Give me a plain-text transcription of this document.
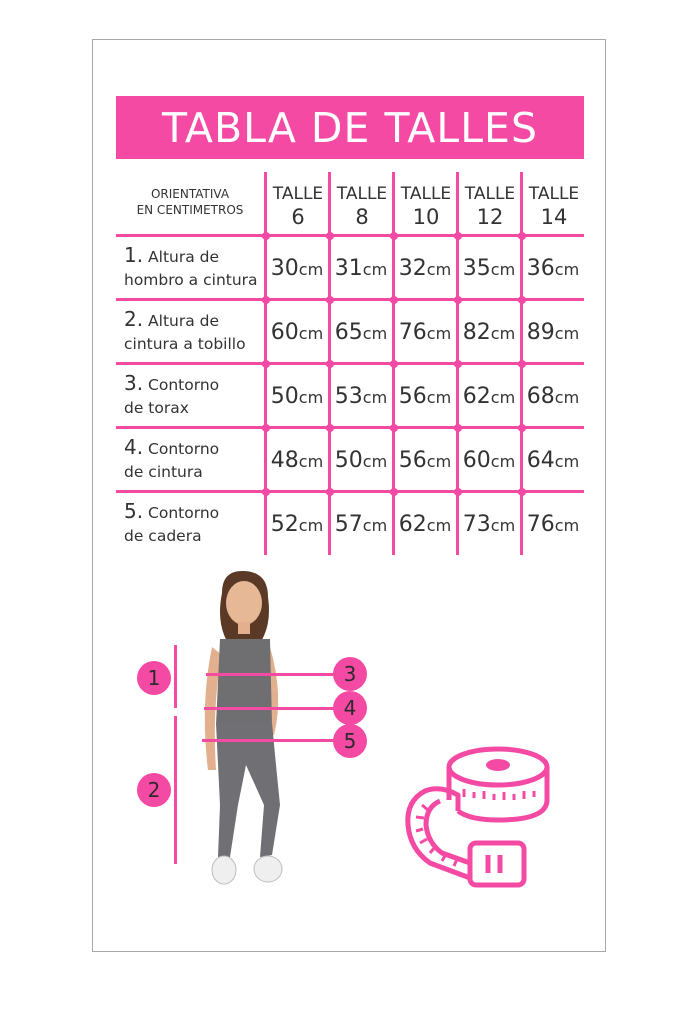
TABLA DE TALLES
ORIENTATIVA
EN CENTIMETROS
TALLE
6
TALLE
8
TALLE
10
TALLE
12
TALLE
14
1. Altura de
hombro a cintura
2. Altura de
cintura a tobillo
3. Contorno
de torax
4. Contorno
de cintura
5. Contorno
de cadera
30cm 31cm 32cm 35cm 36cm
60cm 65cm 76cm 82cm 89cm
50cm 53cm 56cm 62cm 68cm
48cm 50cm 56cm 60cm 64cm
52cm 57cm 62cm 73cm 76cm
1
2
3
4
5
